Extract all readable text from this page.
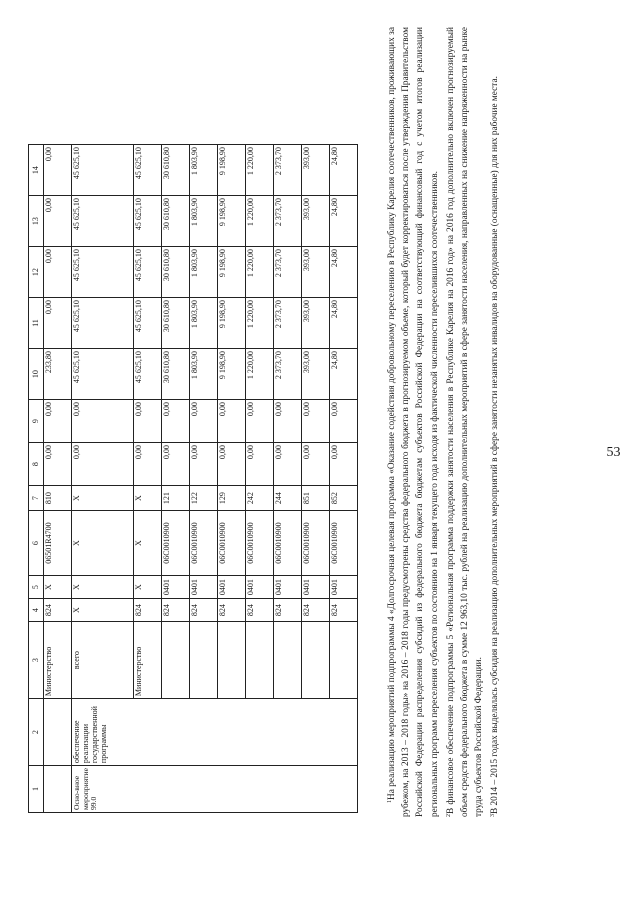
1	2	3	4	5	6	7	8	9	10	11	12	13	14
		Министерство	824	X	06501R4700	810	0,00	0,00	233,80	0,00	0,00	0,00	0,00
Осно-вное мероприятие 99.0	обеспечение реализации государственной программы	всего	X	X	X	X	0,00	0,00	45 625,10	45 625,10	45 625,10	45 625,10	45 625,10
		Министерство	824	X	X	X	0,00	0,00	45 625,10	45 625,10	45 625,10	45 625,10	45 625,10
			824	0401	06С0010900	121	0,00	0,00	30 610,80	30 610,80	30 610,80	30 610,80	30 610,80
			824	0401	06С0010900	122	0,00	0,00	1 803,90	1 803,90	1 803,90	1 803,90	1 803,90
			824	0401	06С0010900	129	0,00	0,00	9 198,90	9 198,90	9 198,90	9 198,90	9 198,90
			824	0401	06С0010900	242	0,00	0,00	1 220,00	1 220,00	1 220,00	1 220,00	1 220,00
			824	0401	06С0010900	244	0,00	0,00	2 373,70	2 373,70	2 373,70	2 373,70	2 373,70
			824	0401	06С0010900	851	0,00	0,00	393,00	393,00	393,00	393,00	393,00
			824	0401	06С0010900	852	0,00	0,00	24,80	24,80	24,80	24,80	24,80

$^1$На реализацию мероприятий подпрограммы 4 «Долгосрочная целевая программа «Оказание содействия добровольному переселению в Республику Карелия соотечественников, проживающих за рубежом, на 2013 – 2018 годы» на 2016 – 2018 годы предусмотрены средства федерального бюджета в прогнозируемом объеме, который будет корректироваться после утверждения Правительством Российской Федерации распределения субсидий из федерального бюджета бюджетам субъектов Российской Федерации на соответствующий финансовый год с учетом итогов реализации региональных программ переселения субъектов по состоянию на 1 января текущего года исходя из фактической численности переселившихся соотечественников.	$^2$В финансовое обеспечение подпрограммы 5 «Региональная программа поддержки занятости населения в Республике Карелия на 2016 год» на 2016 год дополнительно включен прогнозируемый объем средств федерального бюджета в сумме 12 963,10 тыс. рублей на реализацию дополнительных мероприятий в сфере занятости населения, направленных на снижение напряженности на рынке труда субъектов Российской Федерации.	$^3$В 2014 – 2015 годах выделялась субсидия на реализацию дополнительных мероприятий в сфере занятости незанятых инвалидов на оборудованные (оснащенные) для них рабочие места.	53
